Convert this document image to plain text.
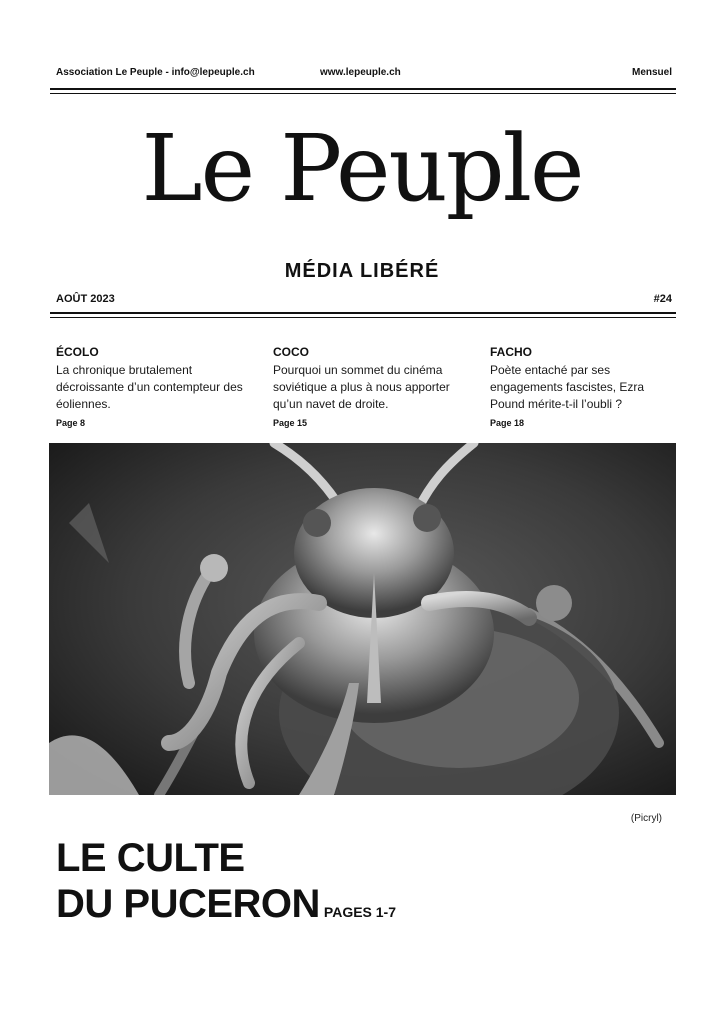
Association Le Peuple - info@lepeuple.ch	www.lepeuple.ch	Mensuel
Le Peuple
MÉDIA LIBÉRÉ
AOÛT 2023	#24
ÉCOLO
La chronique brutalement décroissante d’un contempteur des éoliennes.
Page 8
COCO
Pourquoi un sommet du cinéma soviétique a plus à nous apporter qu’un navet de droite.
Page 15
FACHO
Poète entaché par ses engagements fascistes, Ezra Pound mérite-t-il l’oubli ?
Page 18
(Picryl)
LE CULTE
DU PUCERON PAGES 1-7
